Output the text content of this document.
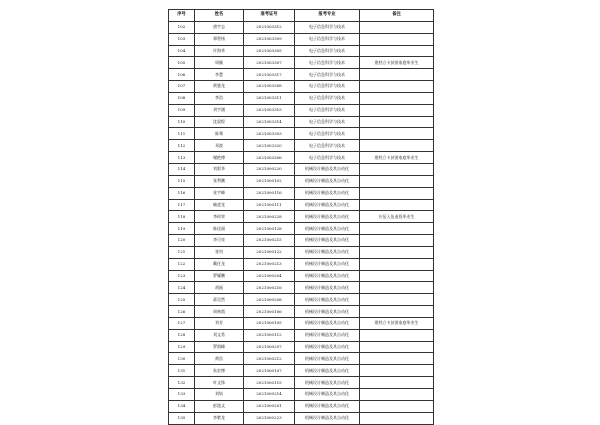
序号	姓名	准考证号	报考专业	备注
102	唐宇志	2021003312	电子信息科学与技术	
103	郑智扬	2021003309	电子信息科学与技术	
104	许海华	2021003305	电子信息科学与技术	
105	周颖	2021003307	电子信息科学与技术	建档立卡贫困家庭毕业生
106	李慧	2021003317	电子信息科学与技术	
107	黄鉴龙	2021003308	电子信息科学与技术	
108	李浩	2021003311	电子信息科学与技术	
109	刘宇涵	2021003315	电子信息科学与技术	
110	沈晨程	2021003314	电子信息科学与技术	
111	陈骞	2021003303	电子信息科学与技术	
112	邓波	2021003320	电子信息科学与技术	
113	谢艳博	2021003306	电子信息科学与技术	建档立卡贫困家庭毕业生
114	刘彩华	2021000220	机械设计制造及其自动化	
115	张利鹏	2021000102	机械设计制造及其自动化	
116	张宇峰	2021000116	机械设计制造及其自动化	
117	喻凌龙	2021000111	机械设计制造及其自动化	
118	李时荣	2021000228	机械设计制造及其自动化	应征入伍退役毕业生
119	陈佳丽	2021000128	机械设计制造及其自动化	
120	李可亮	2021000215	机械设计制造及其自动化	
121	张钊	2021000122	机械设计制造及其自动化	
122	戴任龙	2021000213	机械设计制造及其自动化	
123	罗耀鹏	2021000204	机械设计制造及其自动化	
124	胡丽	2021000216	机械设计制造及其自动化	
125	蒋昊然	2021000208	机械设计制造及其自动化	
126	周林霞	2021000106	机械设计制造及其自动化	
127	刘芳	2021000105	机械设计制造及其自动化	建档立卡贫困家庭毕业生
128	刘文希	2021000112	机械设计制造及其自动化	
129	罗润峰	2021000207	机械设计制造及其自动化	
130	黄浩	2021000212	机械设计制造及其自动化	
131	朱宏博	2021000107	机械设计制造及其自动化	
132	叶文锋	2021000115	机械设计制造及其自动化	
133	刘灿	2021000214	机械设计制造及其自动化	
134	彭逸文	2021000201	机械设计制造及其自动化	
135	李紫龙	2021000223	机械设计制造及其自动化	
